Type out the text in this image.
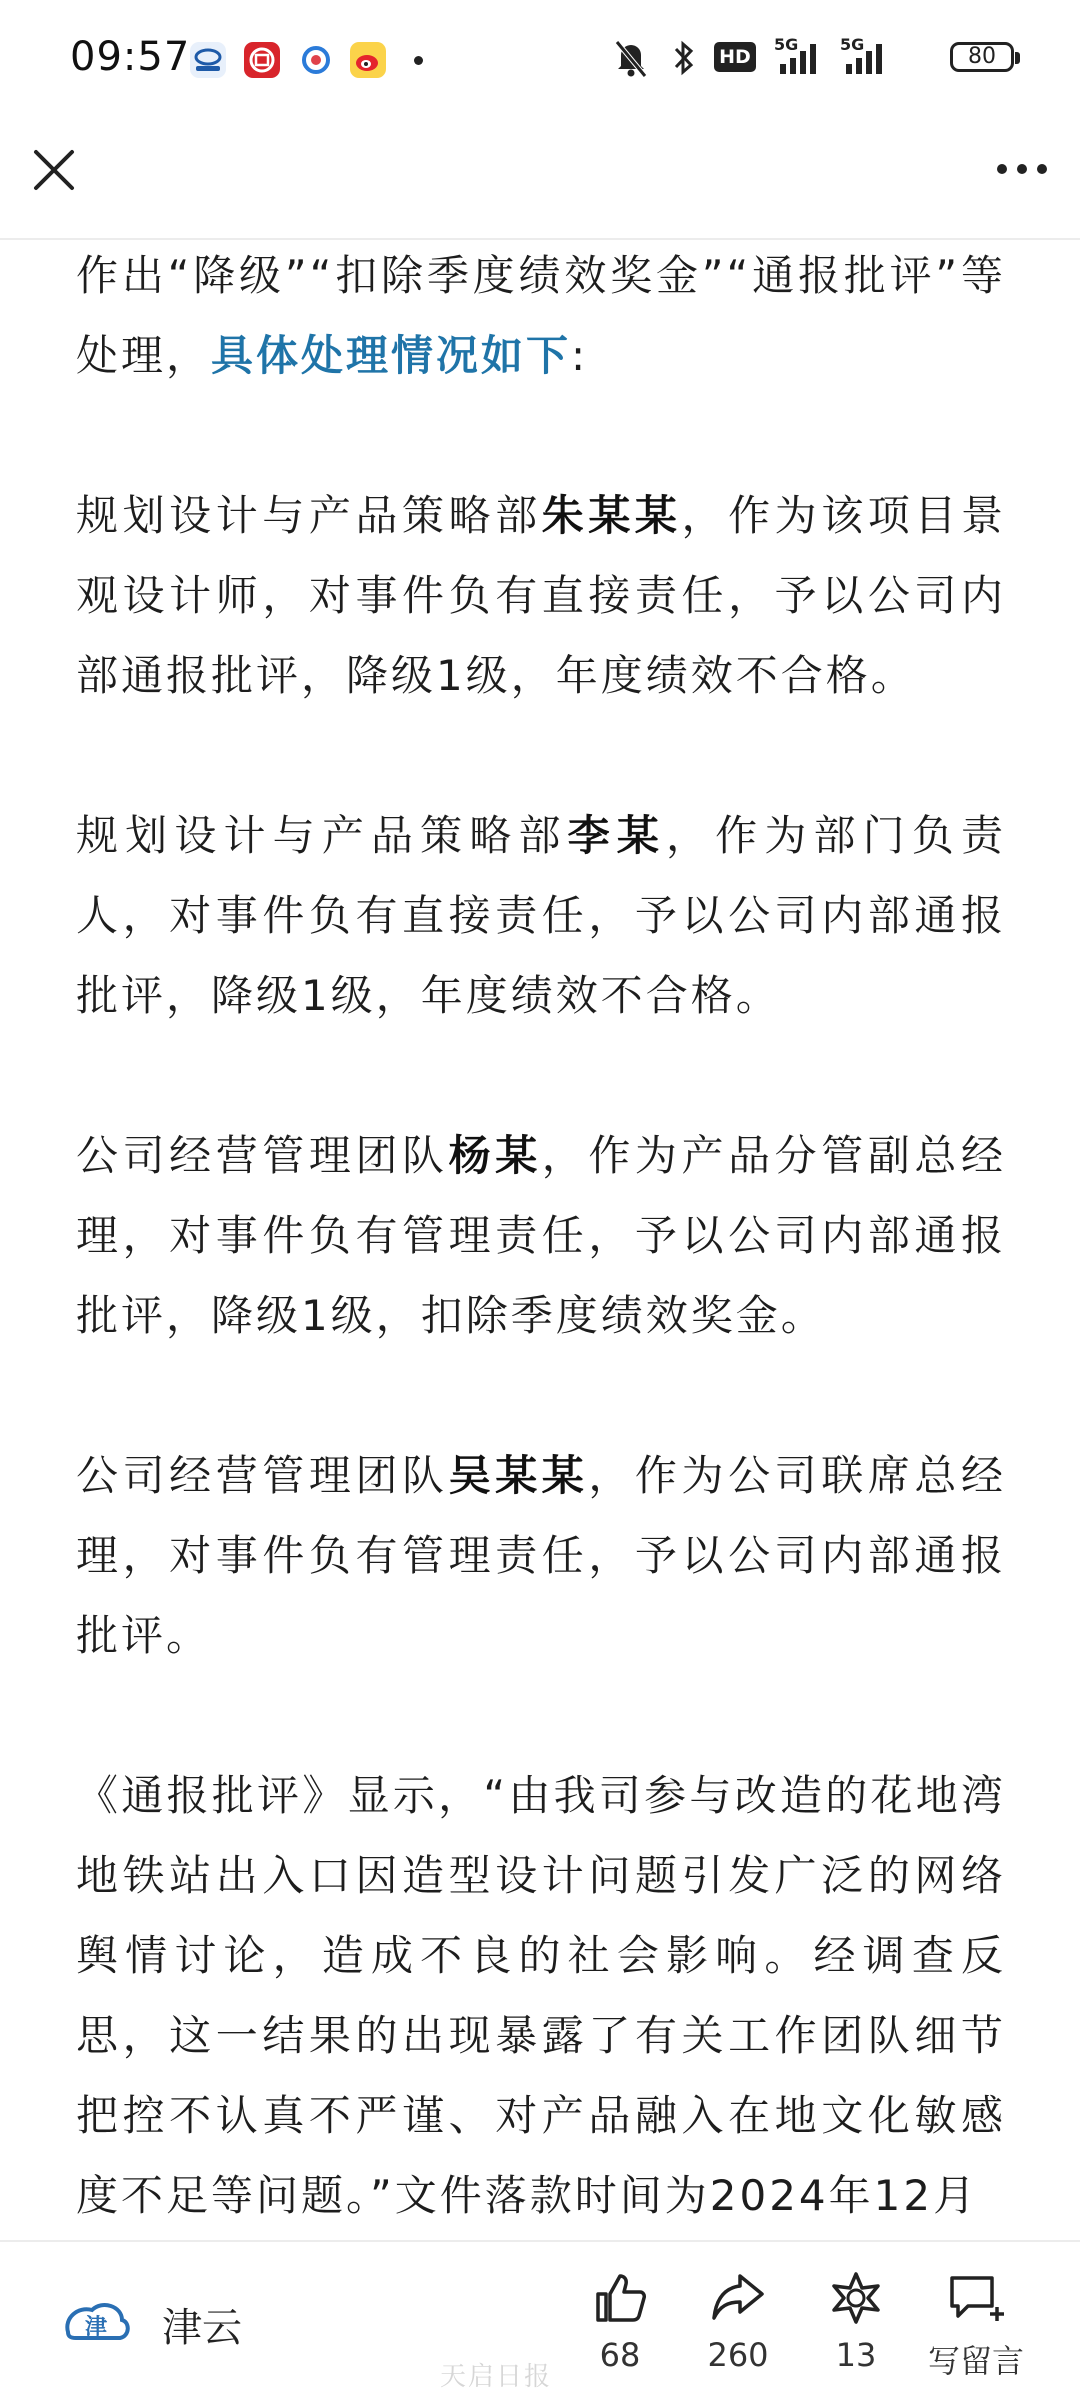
09:57	HD
5G	5G	80

作出“降级”“扣除季度绩效奖金”“通报批评”等处理，具体处理情况如下:

规划设计与产品策略部朱某某，作为该项目景观设计师，对事件负有直接责任，予以公司内部通报批评，降级1级，年度绩效不合格。

规划设计与产品策略部李某，作为部门负责人，对事件负有直接责任，予以公司内部通报批评，降级1级，年度绩效不合格。

公司经营管理团队杨某，作为产品分管副总经理，对事件负有管理责任，予以公司内部通报批评，降级1级，扣除季度绩效奖金。

公司经营管理团队吴某某，作为公司联席总经理，对事件负有管理责任，予以公司内部通报批评。

《通报批评》显示，“由我司参与改造的花地湾地铁站出入口因造型设计问题引发广泛的网络舆情讨论，造成不良的社会影响。经调查反思，这一结果的出现暴露了有关工作团队细节把控不认真不严谨、对产品融入在地文化敏感度不足等问题。”文件落款时间为2024年12月

津 津云
68	260	13	写留言
天启日报
